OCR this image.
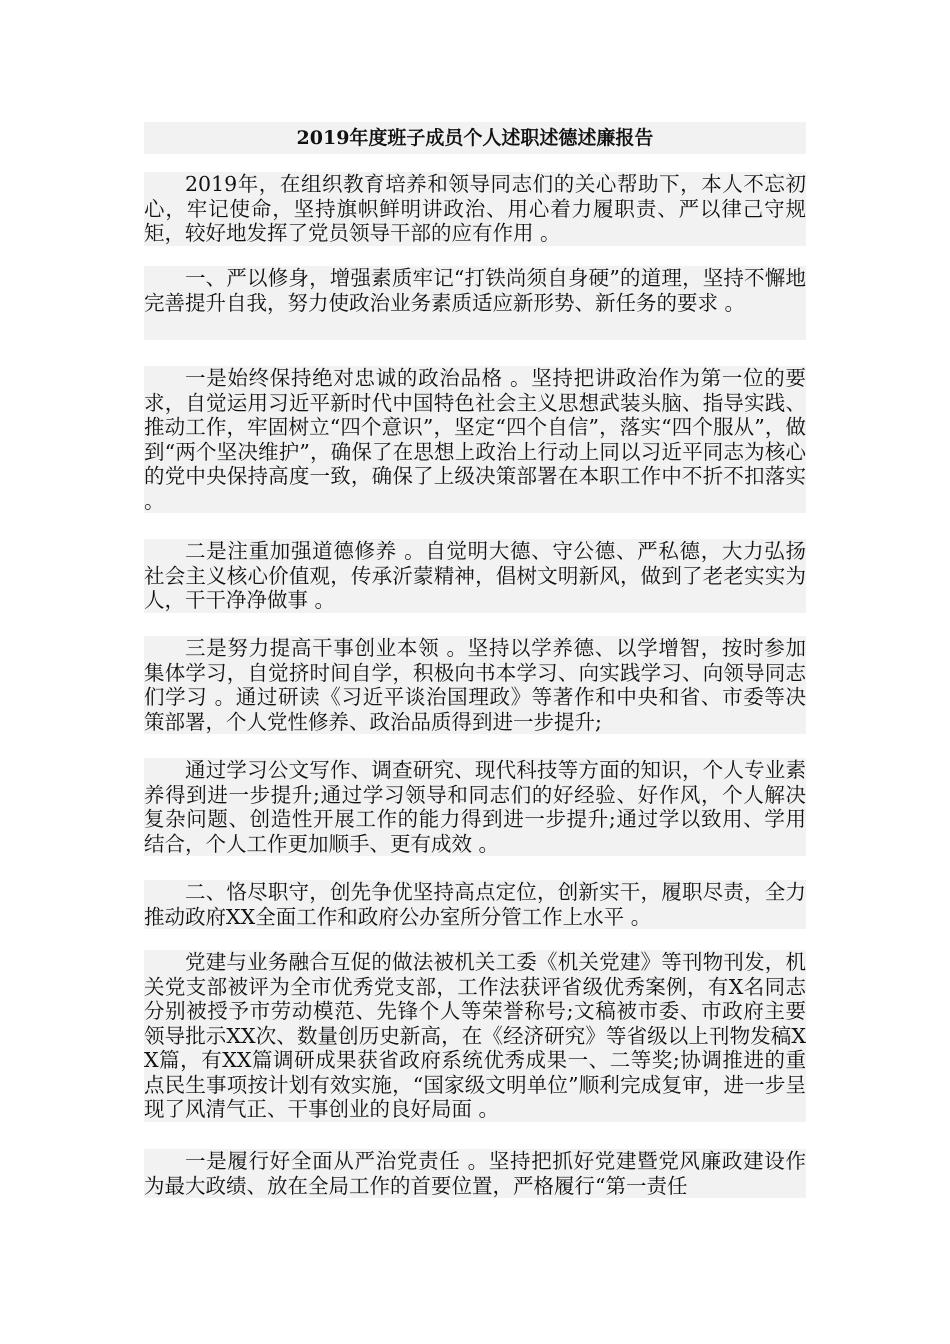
2019年度班子成员个人述职述德述廉报告

2019年，在组织教育培养和领导同志们的关心帮助下，本人不忘初心，牢记使命，坚持旗帜鲜明讲政治、用心着力履职责、严以律己守规矩，较好地发挥了党员领导干部的应有作用 。

一、严以修身，增强素质牢记“打铁尚须自身硬”的道理，坚持不懈地完善提升自我，努力使政治业务素质适应新形势、新任务的要求 。

一是始终保持绝对忠诚的政治品格 。坚持把讲政治作为第一位的要求，自觉运用习近平新时代中国特色社会主义思想武装头脑、指导实践、推动工作，牢固树立“四个意识”，坚定“四个自信”，落实“四个服从”，做到“两个坚决维护”，确保了在思想上政治上行动上同以习近平同志为核心的党中央保持高度一致，确保了上级决策部署在本职工作中不折不扣落实 。

二是注重加强道德修养 。自觉明大德、守公德、严私德，大力弘扬社会主义核心价值观，传承沂蒙精神，倡树文明新风，做到了老老实实为人，干干净净做事 。

三是努力提高干事创业本领 。坚持以学养德、以学增智，按时参加集体学习，自觉挤时间自学，积极向书本学习、向实践学习、向领导同志们学习 。通过研读《习近平谈治国理政》等著作和中央和省、市委等决策部署，个人党性修养、政治品质得到进一步提升;

通过学习公文写作、调查研究、现代科技等方面的知识，个人专业素养得到进一步提升;通过学习领导和同志们的好经验、好作风，个人解决复杂问题、创造性开展工作的能力得到进一步提升;通过学以致用、学用结合，个人工作更加顺手、更有成效 。

二、恪尽职守，创先争优坚持高点定位，创新实干，履职尽责，全力推动政府XX全面工作和政府公办室所分管工作上水平 。

党建与业务融合互促的做法被机关工委《机关党建》等刊物刊发，机关党支部被评为全市优秀党支部，工作法获评省级优秀案例，有X名同志分别被授予市劳动模范、先锋个人等荣誉称号;文稿被市委、市政府主要领导批示XX次、数量创历史新高，在《经济研究》等省级以上刊物发稿XX篇，有XX篇调研成果获省政府系统优秀成果一、二等奖;协调推进的重点民生事项按计划有效实施，“国家级文明单位”顺利完成复审，进一步呈现了风清气正、干事创业的良好局面 。

一是履行好全面从严治党责任 。坚持把抓好党建暨党风廉政建设作为最大政绩、放在全局工作的首要位置，严格履行“第一责任
